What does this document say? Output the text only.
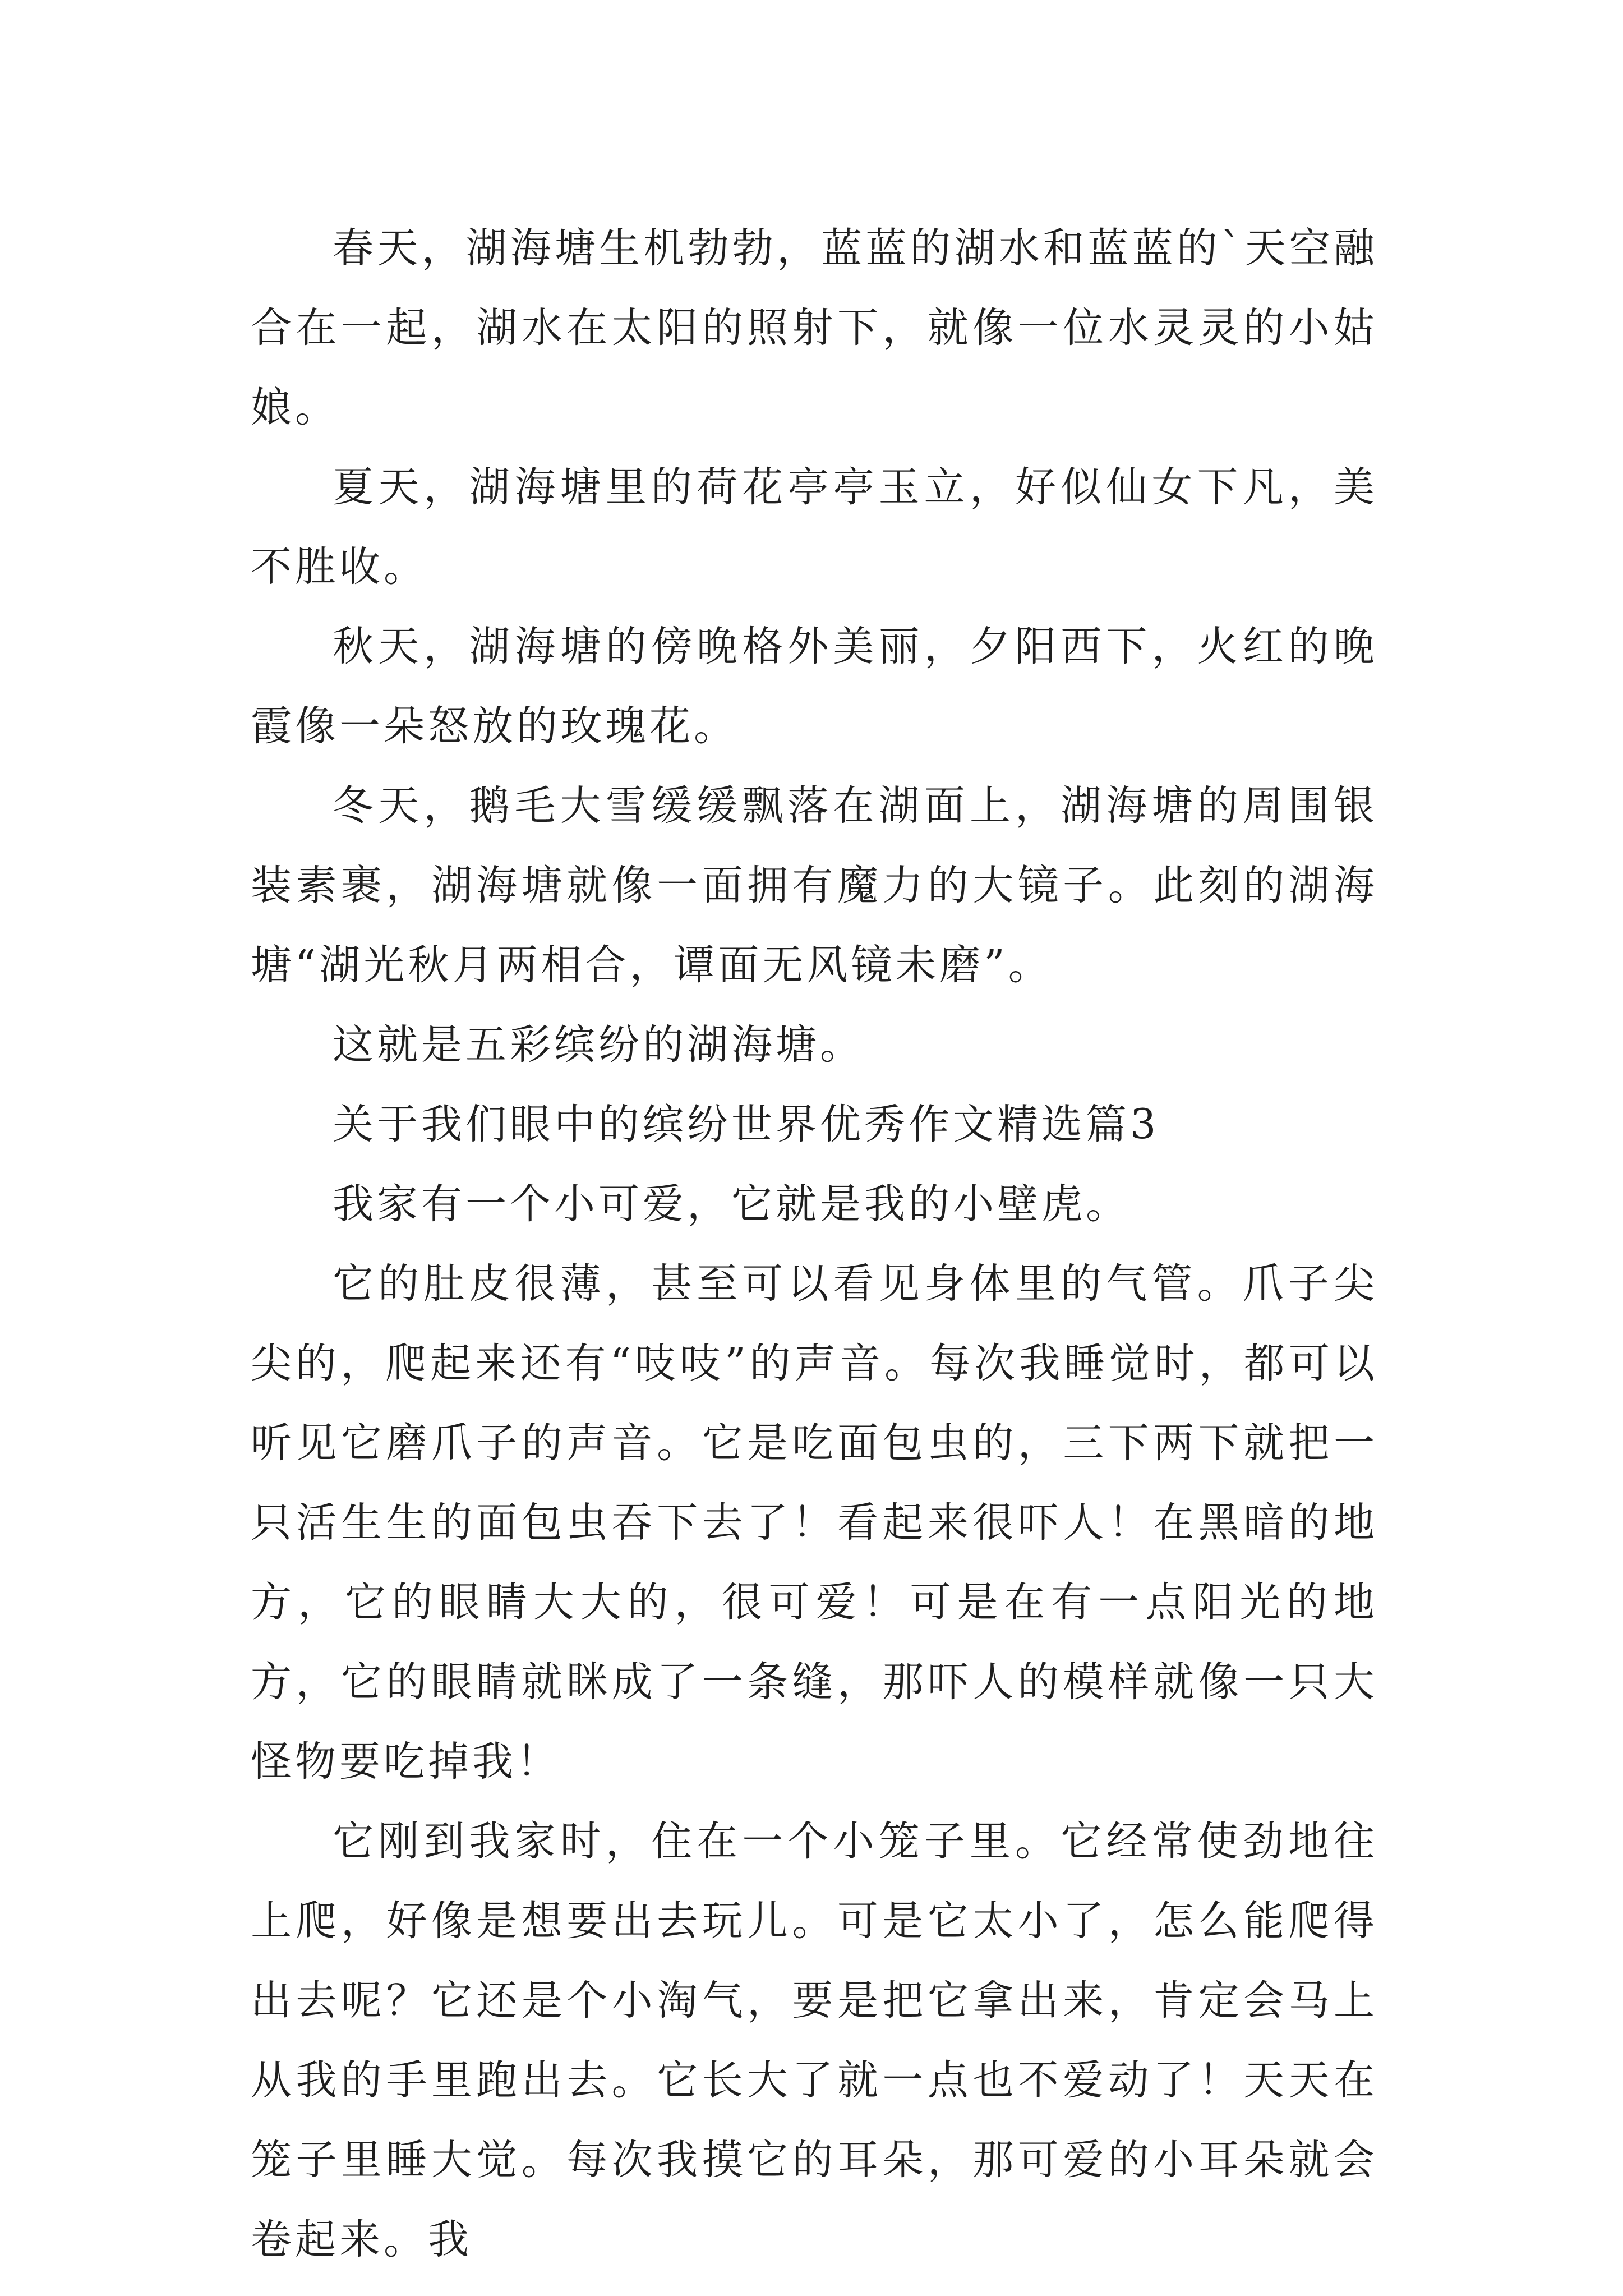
春天，湖海塘生机勃勃，蓝蓝的湖水和蓝蓝的`天空融合在一起，湖水在太阳的照射下，就像一位水灵灵的小姑娘。

夏天，湖海塘里的荷花亭亭玉立，好似仙女下凡，美不胜收。

秋天，湖海塘的傍晚格外美丽，夕阳西下，火红的晚霞像一朵怒放的玫瑰花。

冬天，鹅毛大雪缓缓飘落在湖面上，湖海塘的周围银装素裹，湖海塘就像一面拥有魔力的大镜子。此刻的湖海塘“湖光秋月两相合，谭面无风镜未磨”。

这就是五彩缤纷的湖海塘。

关于我们眼中的缤纷世界优秀作文精选篇3

我家有一个小可爱，它就是我的小壁虎。

它的肚皮很薄，甚至可以看见身体里的气管。爪子尖尖的，爬起来还有“吱吱”的声音。每次我睡觉时，都可以听见它磨爪子的声音。它是吃面包虫的，三下两下就把一只活生生的面包虫吞下去了！看起来很吓人！在黑暗的地方，它的眼睛大大的，很可爱！可是在有一点阳光的地方，它的眼睛就眯成了一条缝，那吓人的模样就像一只大怪物要吃掉我！

它刚到我家时，住在一个小笼子里。它经常使劲地往上爬，好像是想要出去玩儿。可是它太小了，怎么能爬得出去呢？它还是个小淘气，要是把它拿出来，肯定会马上从我的手里跑出去。它长大了就一点也不爱动了！天天在笼子里睡大觉。每次我摸它的耳朵，那可爱的小耳朵就会卷起来。我
